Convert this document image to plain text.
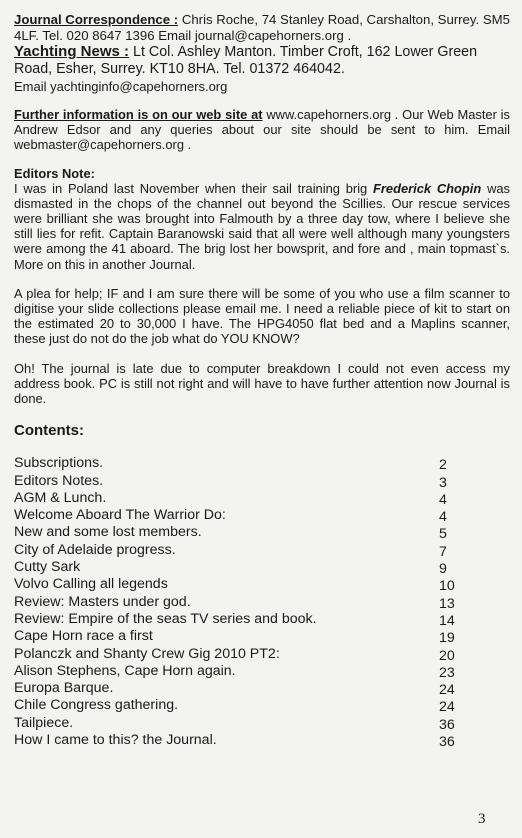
Journal Correspondence : Chris Roche, 74 Stanley Road, Carshalton, Surrey. SM5 4LF. Tel. 020 8647 1396 Email journal@capehorners.org .
Yachting News : Lt Col. Ashley Manton. Timber Croft, 162 Lower Green Road, Esher, Surrey. KT10 8HA. Tel. 01372 464042.
Email yachtinginfo@capehorners.org
Further information is on our web site at www.capehorners.org . Our Web Master is Andrew Edsor and any queries about our site should be sent to him. Email webmaster@capehorners.org .
Editors Note:
I was in Poland last November when their sail training brig Frederick Chopin was dismasted in the chops of the channel out beyond the Scillies. Our rescue services were brilliant she was brought into Falmouth by a three day tow, where I believe she still lies for refit. Captain Baranowski said that all were well although many youngsters were among the 41 aboard. The brig lost her bowsprit, and fore and , main topmast`s. More on this in another Journal.
A plea for help; IF and I am sure there will be some of you who use a film scanner to digitise your slide collections please email me. I need a reliable piece of kit to start on the estimated 20 to 30,000 I have. The HPG4050 flat bed and a Maplins scanner, these just do not do the job what do YOU KNOW?
Oh! The journal is late due to computer breakdown I could not even access my address book. PC is still not right and will have to have further attention now Journal is done.
Contents:
Subscriptions.	2
Editors Notes.	3
AGM & Lunch.	4
Welcome Aboard The Warrior Do:	4
New and some lost members.	5
City of Adelaide progress.	7
Cutty Sark	9
Volvo Calling all legends	10
Review: Masters under god.	13
Review: Empire of the seas TV series and book.	14
Cape Horn race a first	19
Polanczk and Shanty Crew Gig 2010 PT2:	20
Alison Stephens, Cape Horn again.	23
Europa Barque.	24
Chile Congress gathering.	24
Tailpiece.	36
How I came to this? the Journal.	36
3
